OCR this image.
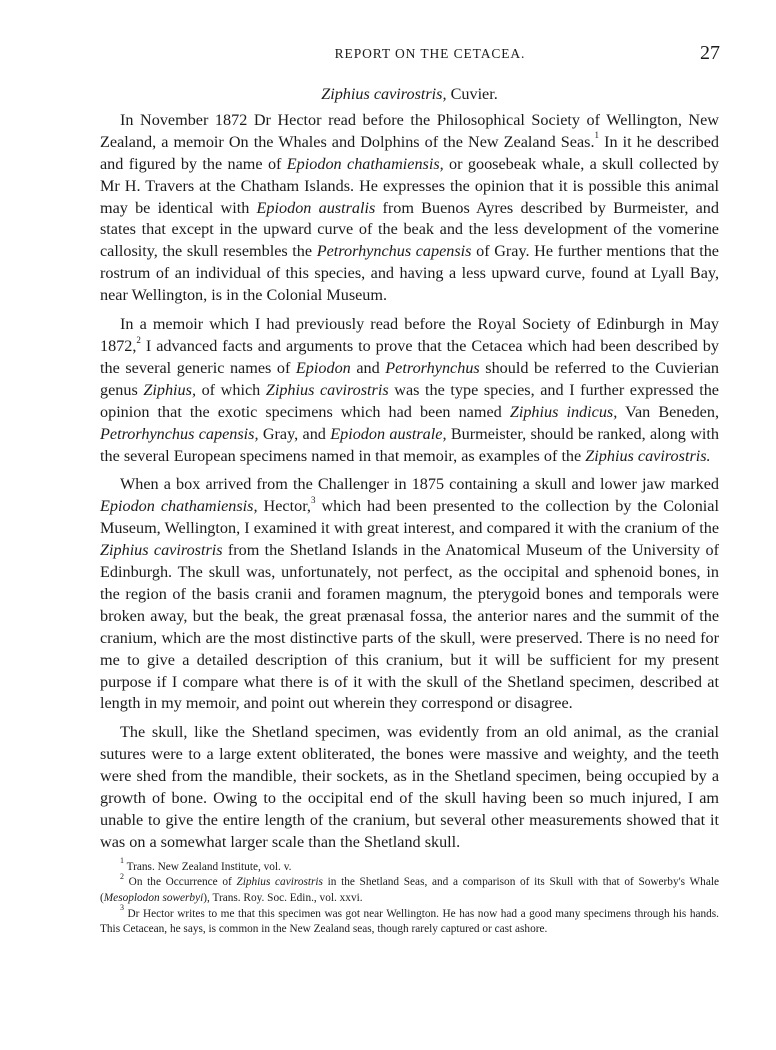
REPORT ON THE CETACEA.	27
Ziphius cavirostris, Cuvier.

In November 1872 Dr Hector read before the Philosophical Society of Wellington, New Zealand, a memoir On the Whales and Dolphins of the New Zealand Seas.$^1$ In it he described and figured by the name of Epiodon chathamiensis, or goosebeak whale, a skull collected by Mr H. Travers at the Chatham Islands. He expresses the opinion that it is possible this animal may be identical with Epiodon australis from Buenos Ayres described by Burmeister, and states that except in the upward curve of the beak and the less development of the vomerine callosity, the skull resembles the Petrorhynchus capensis of Gray. He further mentions that the rostrum of an individual of this species, and having a less upward curve, found at Lyall Bay, near Wellington, is in the Colonial Museum.

In a memoir which I had previously read before the Royal Society of Edinburgh in May 1872,$^2$ I advanced facts and arguments to prove that the Cetacea which had been described by the several generic names of Epiodon and Petrorhynchus should be referred to the Cuvierian genus Ziphius, of which Ziphius cavirostris was the type species, and I further expressed the opinion that the exotic specimens which had been named Ziphius indicus, Van Beneden, Petrorhynchus capensis, Gray, and Epiodon australe, Burmeister, should be ranked, along with the several European specimens named in that memoir, as examples of the Ziphius cavirostris.

When a box arrived from the Challenger in 1875 containing a skull and lower jaw marked Epiodon chathamiensis, Hector,$^3$ which had been presented to the collection by the Colonial Museum, Wellington, I examined it with great interest, and compared it with the cranium of the Ziphius cavirostris from the Shetland Islands in the Anatomical Museum of the University of Edinburgh. The skull was, unfortunately, not perfect, as the occipital and sphenoid bones, in the region of the basis cranii and foramen magnum, the pterygoid bones and temporals were broken away, but the beak, the great prænasal fossa, the anterior nares and the summit of the cranium, which are the most distinctive parts of the skull, were preserved. There is no need for me to give a detailed description of this cranium, but it will be sufficient for my present purpose if I compare what there is of it with the skull of the Shetland specimen, described at length in my memoir, and point out wherein they correspond or disagree.

The skull, like the Shetland specimen, was evidently from an old animal, as the cranial sutures were to a large extent obliterated, the bones were massive and weighty, and the teeth were shed from the mandible, their sockets, as in the Shetland specimen, being occupied by a growth of bone. Owing to the occipital end of the skull having been so much injured, I am unable to give the entire length of the cranium, but several other measurements showed that it was on a somewhat larger scale than the Shetland skull.

$^1$ Trans. New Zealand Institute, vol. v.

$^2$ On the Occurrence of Ziphius cavirostris in the Shetland Seas, and a comparison of its Skull with that of Sowerby's Whale (Mesoplodon sowerbyi), Trans. Roy. Soc. Edin., vol. xxvi.

$^3$ Dr Hector writes to me that this specimen was got near Wellington. He has now had a good many specimens through his hands. This Cetacean, he says, is common in the New Zealand seas, though rarely captured or cast ashore.
